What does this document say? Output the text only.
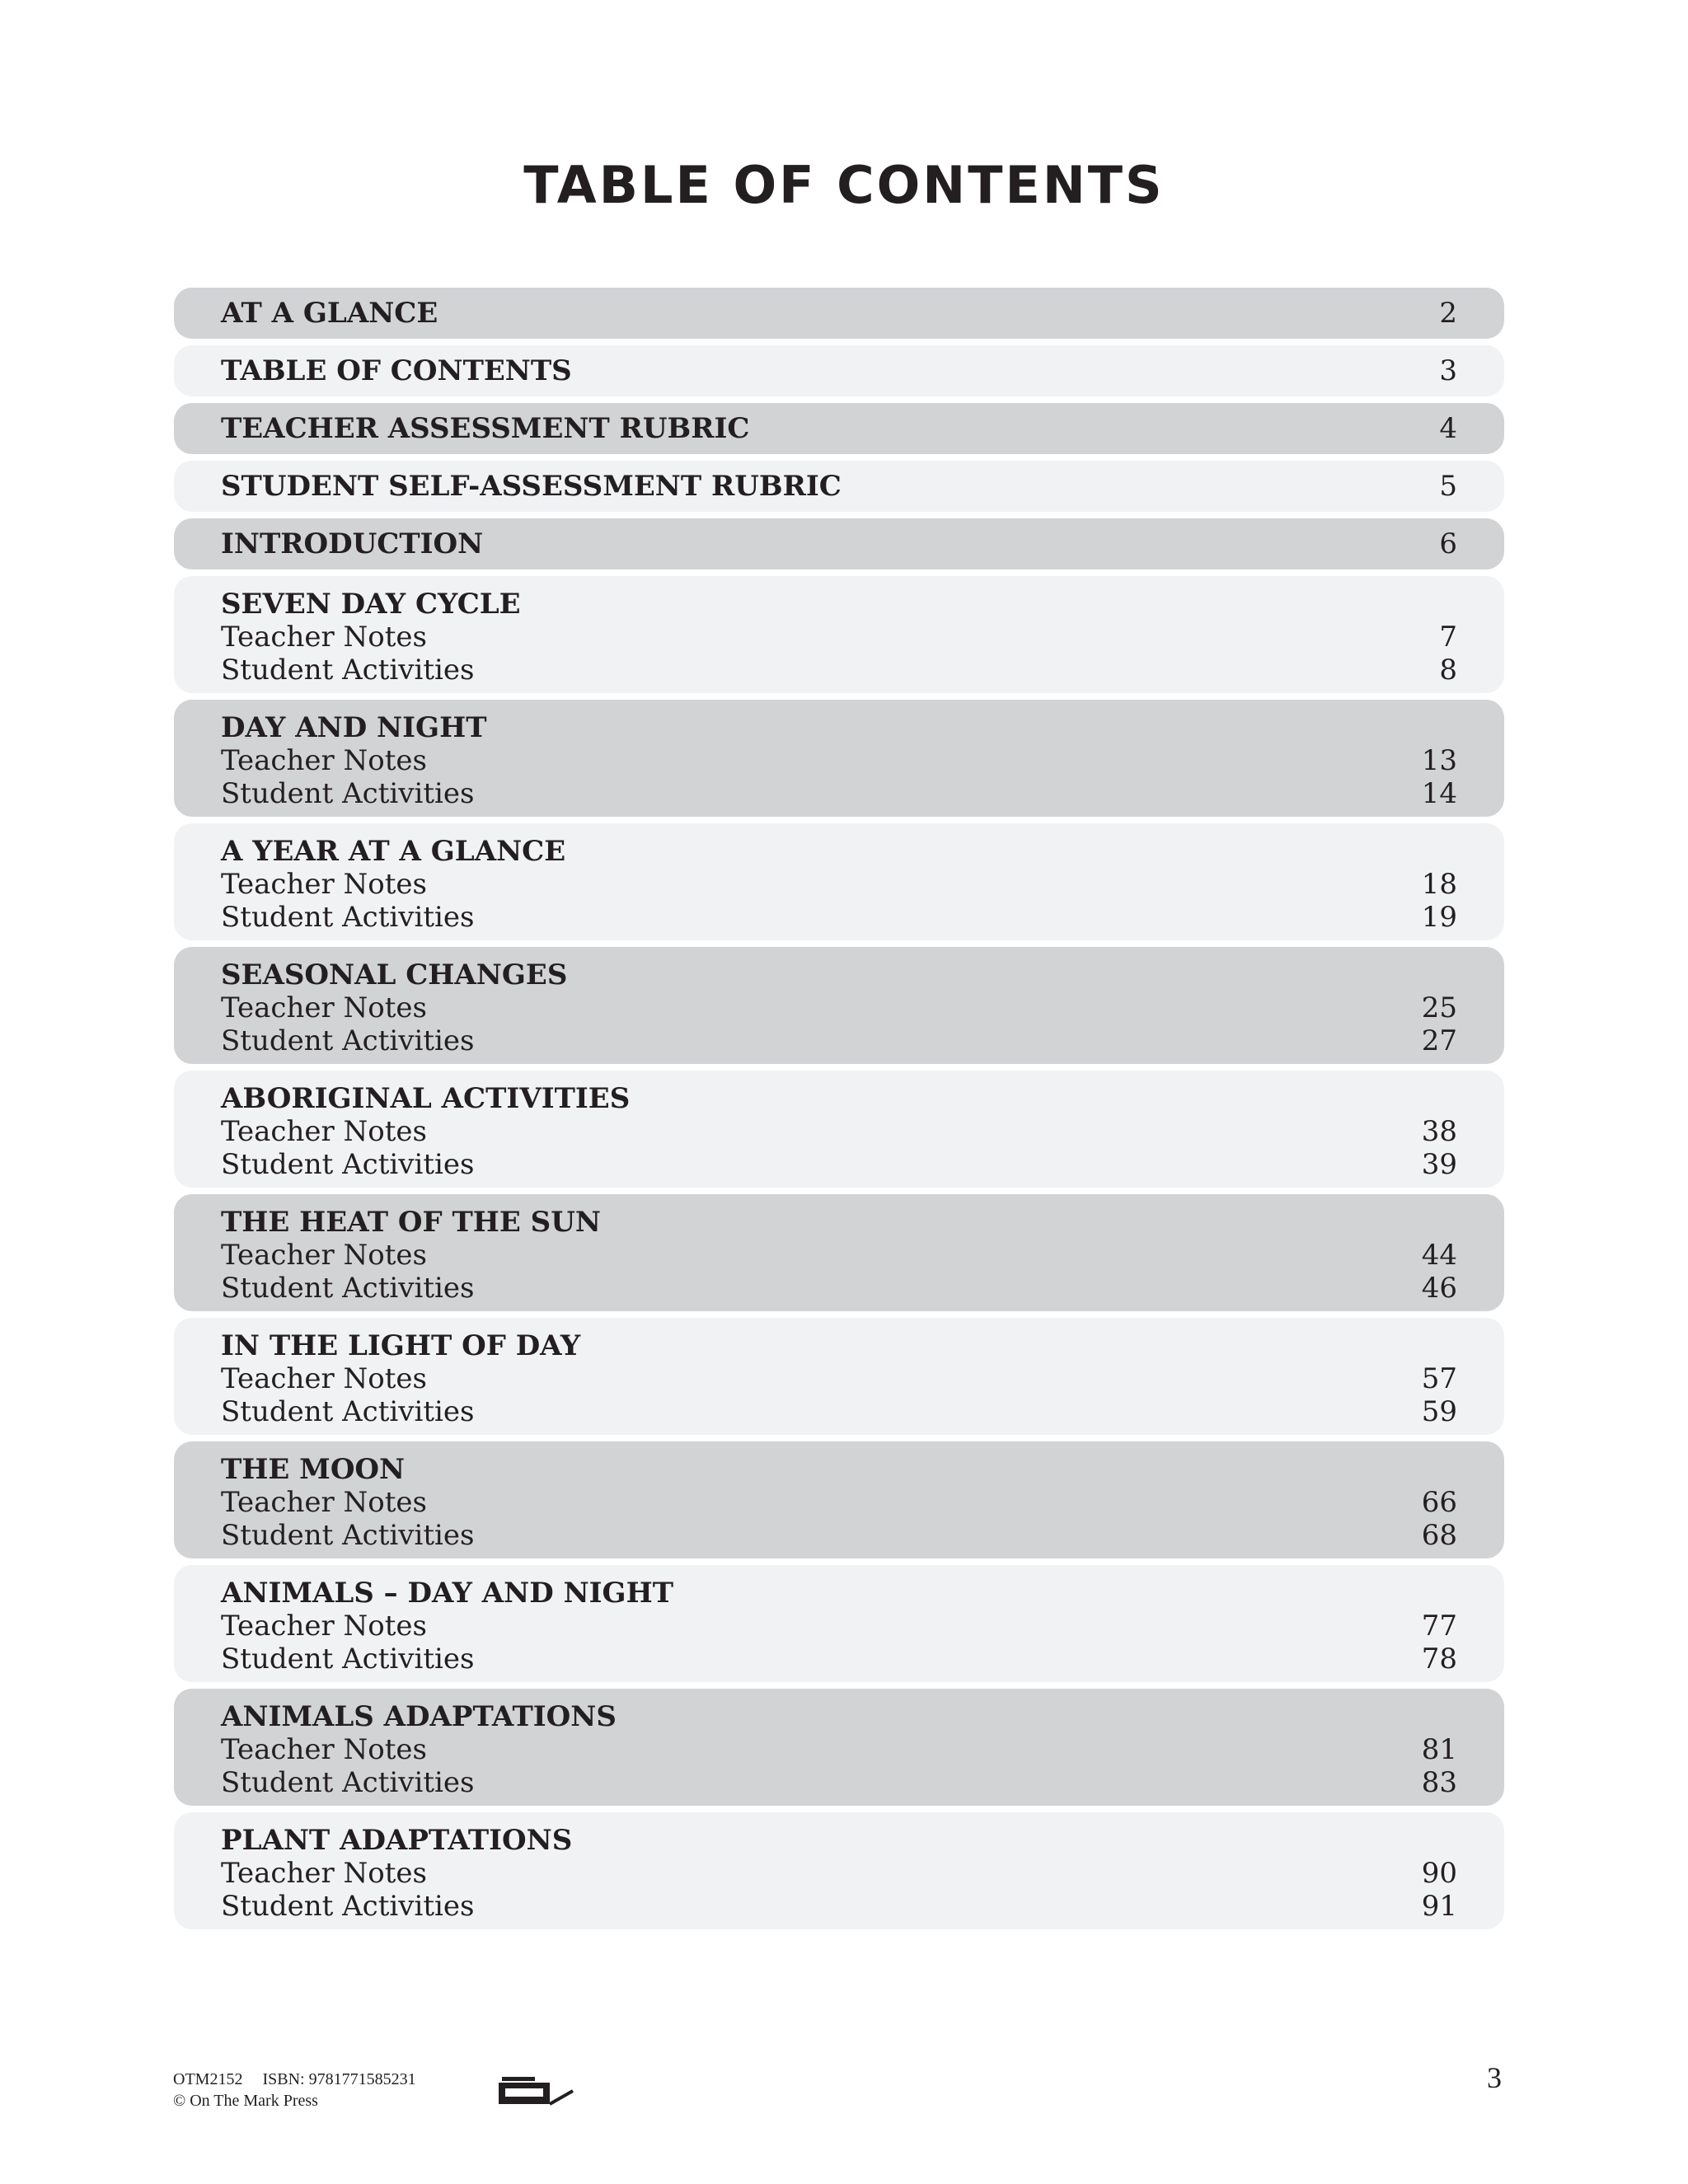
TABLE OF CONTENTS
AT A GLANCE	2
TABLE OF CONTENTS	3
TEACHER ASSESSMENT RUBRIC	4
STUDENT SELF-ASSESSMENT RUBRIC	5
INTRODUCTION	6
SEVEN DAY CYCLE
Teacher Notes	7
Student Activities	8
DAY AND NIGHT
Teacher Notes	13
Student Activities	14
A YEAR AT A GLANCE
Teacher Notes	18
Student Activities	19
SEASONAL CHANGES
Teacher Notes	25
Student Activities	27
ABORIGINAL ACTIVITIES
Teacher Notes	38
Student Activities	39
THE HEAT OF THE SUN
Teacher Notes	44
Student Activities	46
IN THE LIGHT OF DAY
Teacher Notes	57
Student Activities	59
THE MOON
Teacher Notes	66
Student Activities	68
ANIMALS – DAY AND NIGHT
Teacher Notes	77
Student Activities	78
ANIMALS ADAPTATIONS
Teacher Notes	81
Student Activities	83
PLANT ADAPTATIONS
Teacher Notes	90
Student Activities	91
OTM2152 ISBN: 9781771585231
© On The Mark Press
3
